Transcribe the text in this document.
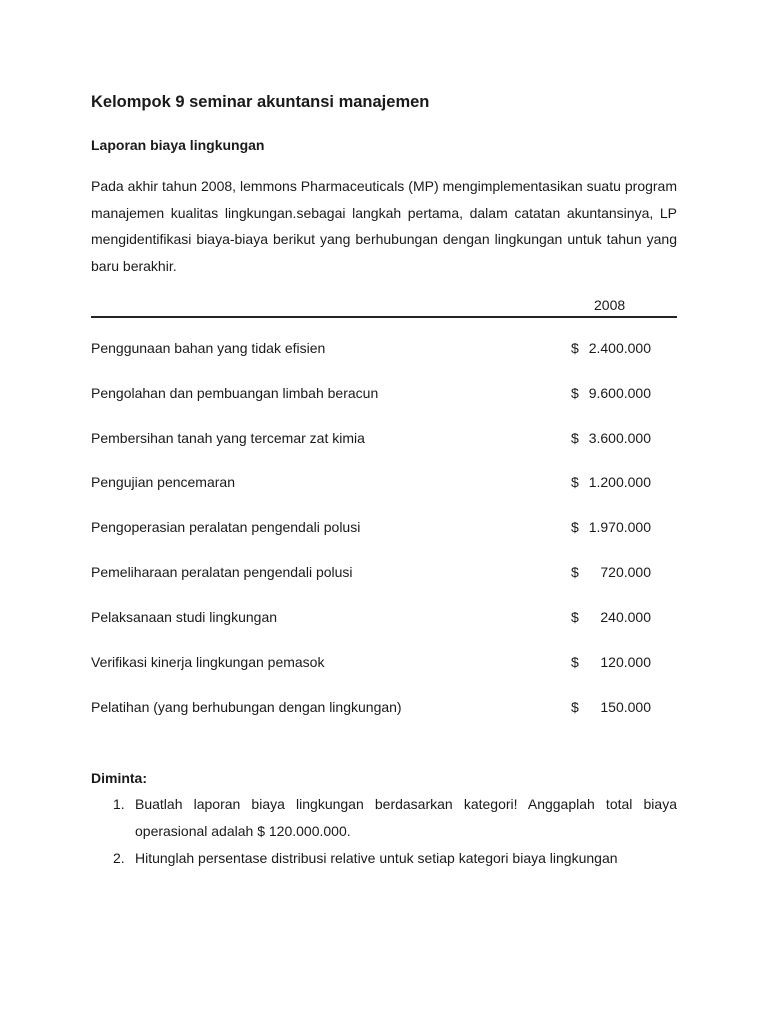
Kelompok 9 seminar akuntansi manajemen
Laporan biaya lingkungan

Pada akhir tahun 2008, lemmons Pharmaceuticals (MP) mengimplementasikan suatu program manajemen kualitas lingkungan.sebagai langkah pertama, dalam catatan akuntansinya, LP mengidentifikasi biaya-biaya berikut yang berhubungan dengan lingkungan untuk tahun yang baru berakhir.

2008
Penggunaan bahan yang tidak efisien	$ 2.400.000
Pengolahan dan pembuangan limbah beracun	$ 9.600.000
Pembersihan tanah yang tercemar zat kimia	$ 3.600.000
Pengujian pencemaran	$ 1.200.000
Pengoperasian peralatan pengendali polusi	$ 1.970.000
Pemeliharaan peralatan pengendali polusi	$ 720.000
Pelaksanaan studi lingkungan	$ 240.000
Verifikasi kinerja lingkungan pemasok	$ 120.000
Pelatihan (yang berhubungan dengan lingkungan)	$ 150.000
Diminta:
1. Buatlah laporan biaya lingkungan berdasarkan kategori! Anggaplah total biaya operasional adalah $ 120.000.000.
2. Hitunglah persentase distribusi relative untuk setiap kategori biaya lingkungan
